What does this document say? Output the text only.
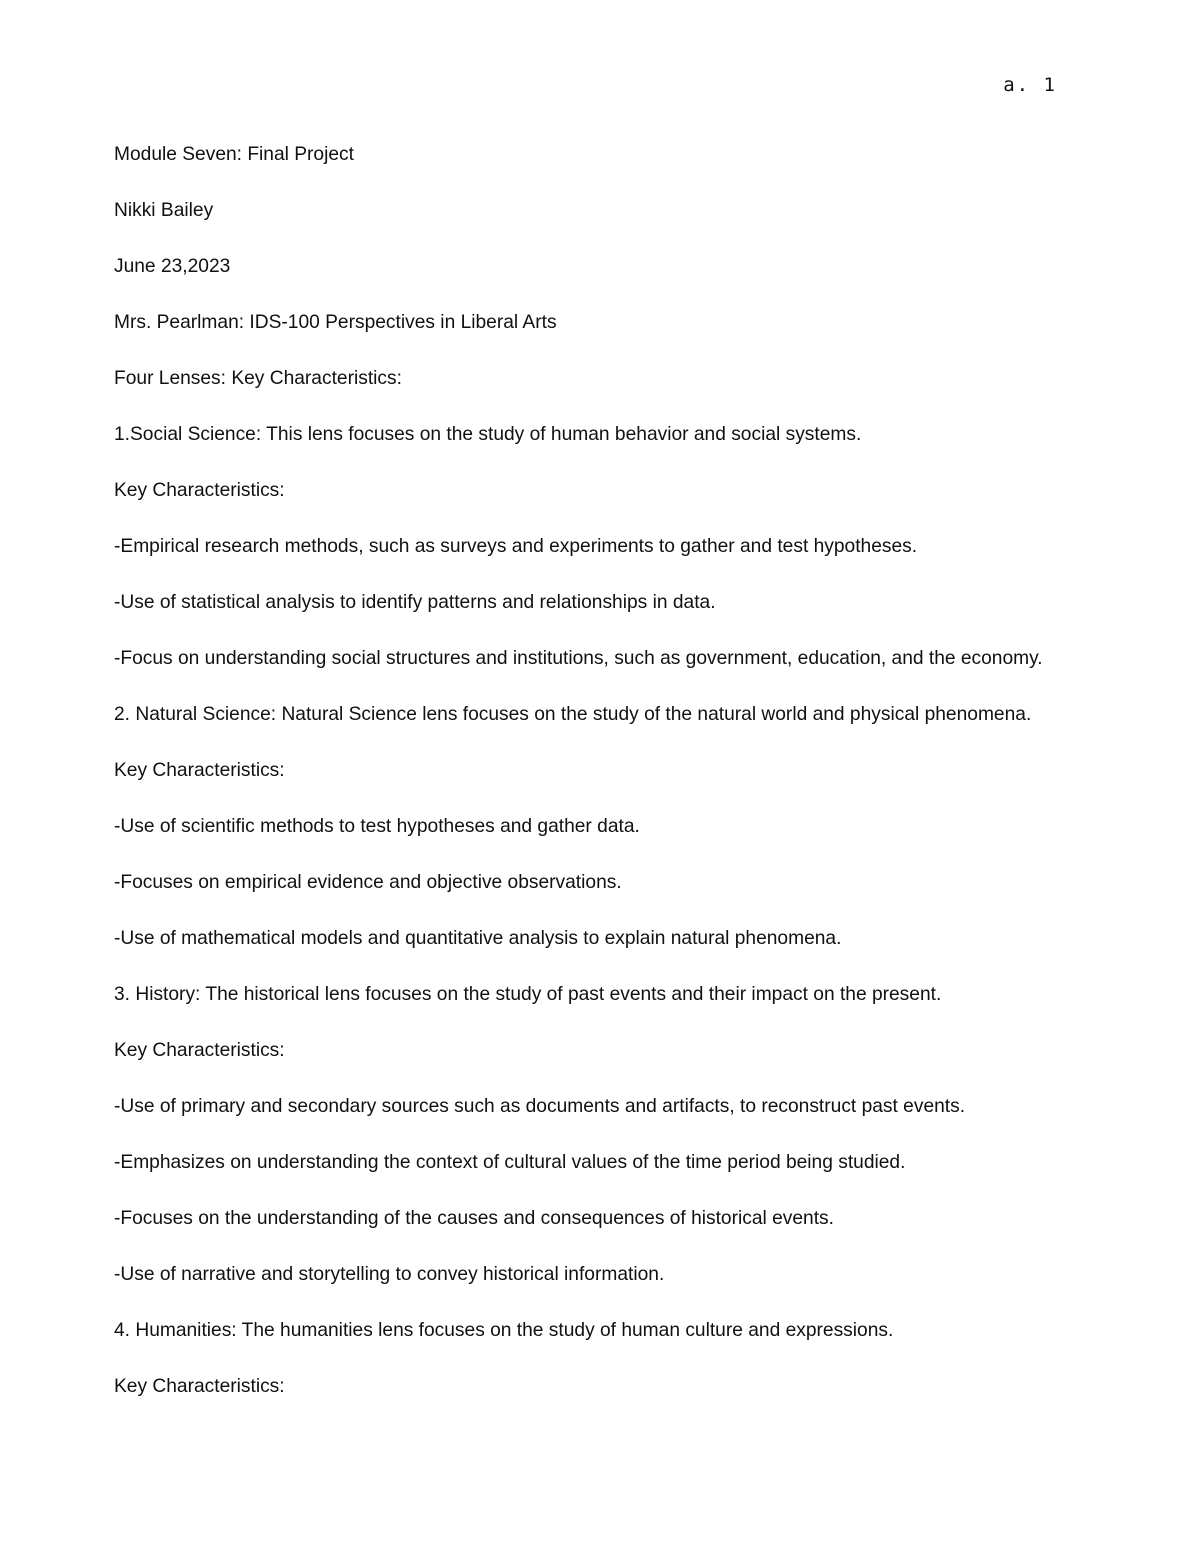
a. 1
Module Seven: Final Project
Nikki Bailey
June 23,2023
Mrs. Pearlman: IDS-100 Perspectives in Liberal Arts
Four Lenses: Key Characteristics:
1.Social Science: This lens focuses on the study of human behavior and social systems.
Key Characteristics:
-Empirical research methods, such as surveys and experiments to gather and test hypotheses.
-Use of statistical analysis to identify patterns and relationships in data.
-Focus on understanding social structures and institutions, such as government, education, and the economy.
2. Natural Science: Natural Science lens focuses on the study of the natural world and physical phenomena.
Key Characteristics:
-Use of scientific methods to test hypotheses and gather data.
-Focuses on empirical evidence and objective observations.
-Use of mathematical models and quantitative analysis to explain natural phenomena.
3. History: The historical lens focuses on the study of past events and their impact on the present.
Key Characteristics:
-Use of primary and secondary sources such as documents and artifacts, to reconstruct past events.
-Emphasizes on understanding the context of cultural values of the time period being studied.
-Focuses on the understanding of the causes and consequences of historical events.
-Use of narrative and storytelling to convey historical information.
4. Humanities: The humanities lens focuses on the study of human culture and expressions.
Key Characteristics:
